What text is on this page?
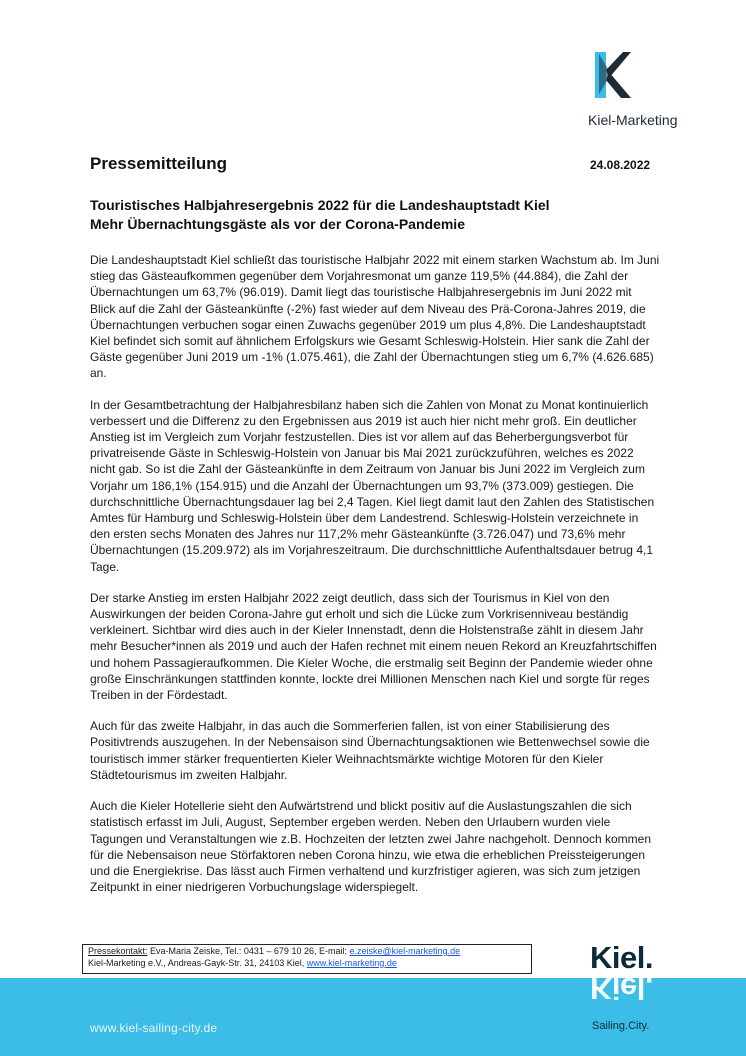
Kiel-Marketing
Pressemitteilung	24.08.2022
Touristisches Halbjahresergebnis 2022 für die Landeshauptstadt Kiel
Mehr Übernachtungsgäste als vor der Corona-Pandemie

Die Landeshauptstadt Kiel schließt das touristische Halbjahr 2022 mit einem starken Wachstum ab. Im Juni stieg das Gästeaufkommen gegenüber dem Vorjahresmonat um ganze 119,5% (44.884), die Zahl der Übernachtungen um 63,7% (96.019). Damit liegt das touristische Halbjahresergebnis im Juni 2022 mit Blick auf die Zahl der Gästeankünfte (-2%) fast wieder auf dem Niveau des Prä-Corona-Jahres 2019, die Übernachtungen verbuchen sogar einen Zuwachs gegenüber 2019 um plus 4,8%. Die Landeshauptstadt Kiel befindet sich somit auf ähnlichem Erfolgskurs wie Gesamt Schleswig-Holstein. Hier sank die Zahl der Gäste gegenüber Juni 2019 um -1% (1.075.461), die Zahl der Übernachtungen stieg um 6,7% (4.626.685) an.

In der Gesamtbetrachtung der Halbjahresbilanz haben sich die Zahlen von Monat zu Monat kontinuierlich verbessert und die Differenz zu den Ergebnissen aus 2019 ist auch hier nicht mehr groß. Ein deutlicher Anstieg ist im Vergleich zum Vorjahr festzustellen. Dies ist vor allem auf das Beherbergungsverbot für privatreisende Gäste in Schleswig-Holstein von Januar bis Mai 2021 zurückzuführen, welches es 2022 nicht gab. So ist die Zahl der Gästeankünfte in dem Zeitraum von Januar bis Juni 2022 im Vergleich zum Vorjahr um 186,1% (154.915) und die Anzahl der Übernachtungen um 93,7% (373.009) gestiegen. Die durchschnittliche Übernachtungsdauer lag bei 2,4 Tagen. Kiel liegt damit laut den Zahlen des Statistischen Amtes für Hamburg und Schleswig-Holstein über dem Landestrend. Schleswig-Holstein verzeichnete in den ersten sechs Monaten des Jahres nur 117,2% mehr Gästeankünfte (3.726.047) und 73,6% mehr Übernachtungen (15.209.972) als im Vorjahreszeitraum. Die durchschnittliche Aufenthaltsdauer betrug 4,1 Tage.

Der starke Anstieg im ersten Halbjahr 2022 zeigt deutlich, dass sich der Tourismus in Kiel von den Auswirkungen der beiden Corona-Jahre gut erholt und sich die Lücke zum Vorkrisenniveau beständig verkleinert. Sichtbar wird dies auch in der Kieler Innenstadt, denn die Holstenstraße zählt in diesem Jahr mehr Besucher*innen als 2019 und auch der Hafen rechnet mit einem neuen Rekord an Kreuzfahrtschiffen und hohem Passagieraufkommen. Die Kieler Woche, die erstmalig seit Beginn der Pandemie wieder ohne große Einschränkungen stattfinden konnte, lockte drei Millionen Menschen nach Kiel und sorgte für reges Treiben in der Fördestadt.

Auch für das zweite Halbjahr, in das auch die Sommerferien fallen, ist von einer Stabilisierung des Positivtrends auszugehen. In der Nebensaison sind Übernachtungsaktionen wie Bettenwechsel sowie die touristisch immer stärker frequentierten Kieler Weihnachtsmärkte wichtige Motoren für den Kieler Städtetourismus im zweiten Halbjahr.

Auch die Kieler Hotellerie sieht den Aufwärtstrend und blickt positiv auf die Auslastungszahlen die sich statistisch erfasst im Juli, August, September ergeben werden. Neben den Urlaubern wurden viele Tagungen und Veranstaltungen wie z.B. Hochzeiten der letzten zwei Jahre nachgeholt. Dennoch kommen für die Nebensaison neue Störfaktoren neben Corona hinzu, wie etwa die erheblichen Preissteigerungen und die Energiekrise. Das lässt auch Firmen verhaltend und kurzfristiger agieren, was sich zum jetzigen Zeitpunkt in einer niedrigeren Vorbuchungslage widerspiegelt.

Pressekontakt: Eva-Maria Zeiske, Tel.: 0431 – 679 10 26, E-mail: e.zeiske@kiel-marketing.de
Kiel-Marketing e.V., Andreas-Gayk-Str. 31, 24103 Kiel, www.kiel-marketing.de
www.kiel-sailing-city.de
Kiel.
Kiel.
Sailing.City.
